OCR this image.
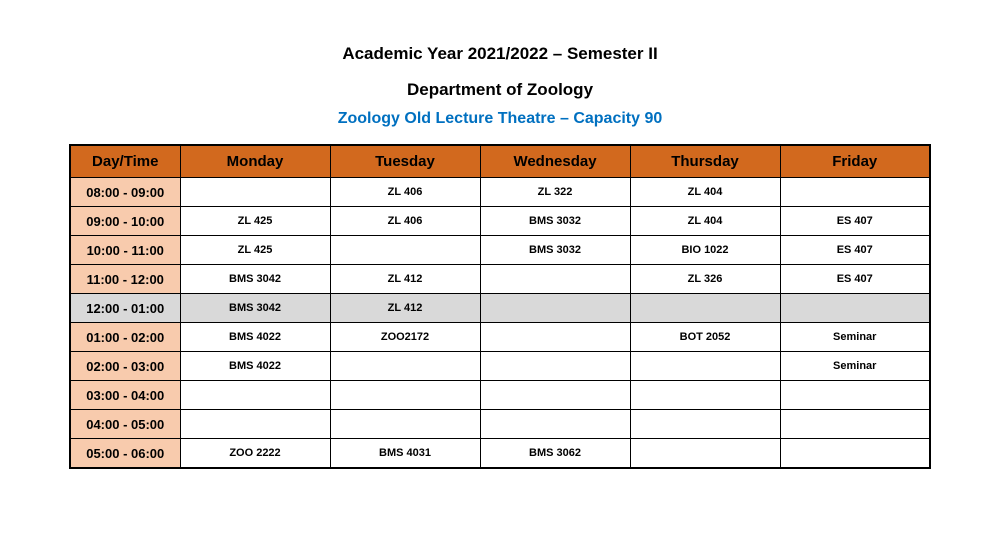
Academic Year 2021/2022 – Semester II

Department of Zoology

Zoology Old Lecture Theatre – Capacity 90

Day/Time	Monday	Tuesday	Wednesday	Thursday	Friday
08:00 - 09:00		ZL 406	ZL 322	ZL 404	
09:00 - 10:00	ZL 425	ZL 406	BMS 3032	ZL 404	ES 407
10:00 - 11:00	ZL 425		BMS 3032	BIO 1022	ES 407
11:00 - 12:00	BMS 3042	ZL 412		ZL 326	ES 407
12:00 - 01:00	BMS 3042	ZL 412			
01:00 - 02:00	BMS 4022	ZOO2172		BOT 2052	Seminar
02:00 - 03:00	BMS 4022				Seminar
03:00 - 04:00					
04:00 - 05:00					
05:00 - 06:00	ZOO 2222	BMS 4031	BMS 3062		
